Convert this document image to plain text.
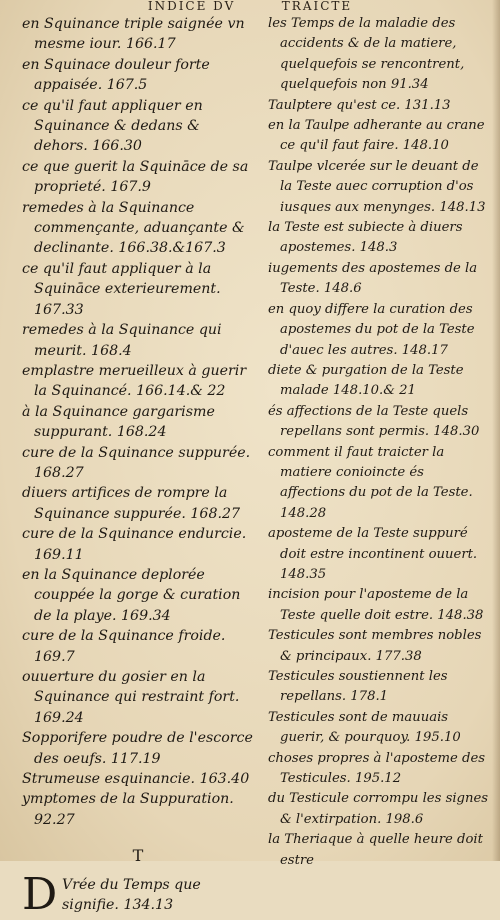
INDICE DV	TRAICTE
en Squinance triple saignée vn mesme iour. 166.17
en Squinace douleur forte appaisée. 167.5
ce qu'il faut appliquer en Squinance & dedans & dehors. 166.30
ce que guerit la Squināce de sa proprieté. 167.9
remedes à la Squinance commençante, aduançante & declinante. 166.38.&167.3
ce qu'il faut appliquer à la Squināce exterieurement. 167.33
remedes à la Squinance qui meurit. 168.4
emplastre merueilleux à guerir la Squinancé. 166.14.& 22
à la Squinance gargarisme suppurant. 168.24
cure de la Squinance suppurée. 168.27
diuers artifices de rompre la Squinance suppurée. 168.27
cure de la Squinance endurcie. 169.11
en la Squinance deplorée couppée la gorge & curation de la playe. 169.34
cure de la Squinance froide. 169.7
ouuerture du gosier en la Squinance qui restraint fort. 169.24
Sopporifere poudre de l'escorce des oeufs. 117.19
Strumeuse esquinancie. 163.40
ymptomes de la Suppuration. 92.27
T
D Vrée du Temps que signifie. 134.13
les Temps de la maladie des accidents & de la matiere, quelquefois se rencontrent, quelquefois non 91.34
Taulptere qu'est ce. 131.13
en la Taulpe adherante au crane ce qu'il faut faire. 148.10
Taulpe vlcerée sur le deuant de la Teste auec corruption d'os iusques aux menynges. 148.13
la Teste est subiecte à diuers apostemes. 148.3
iugements des apostemes de la Teste. 148.6
en quoy differe la curation des apostemes du pot de la Teste d'auec les autres. 148.17
diete & purgation de la Teste malade 148.10.& 21
és affections de la Teste quels repellans sont permis. 148.30
comment il faut traicter la matiere conioincte és affections du pot de la Teste. 148.28
aposteme de la Teste suppuré doit estre incontinent ouuert. 148.35
incision pour l'aposteme de la Teste quelle doit estre. 148.38
Testicules sont membres nobles & principaux. 177.38
Testicules soustiennent les repellans. 178.1
Testicules sont de mauuais guerir, & pourquoy. 195.10
choses propres à l'aposteme des Testicules. 195.12
du Testicule corrompu les signes & l'extirpation. 198.6
la Theriaque à quelle heure doit estre
